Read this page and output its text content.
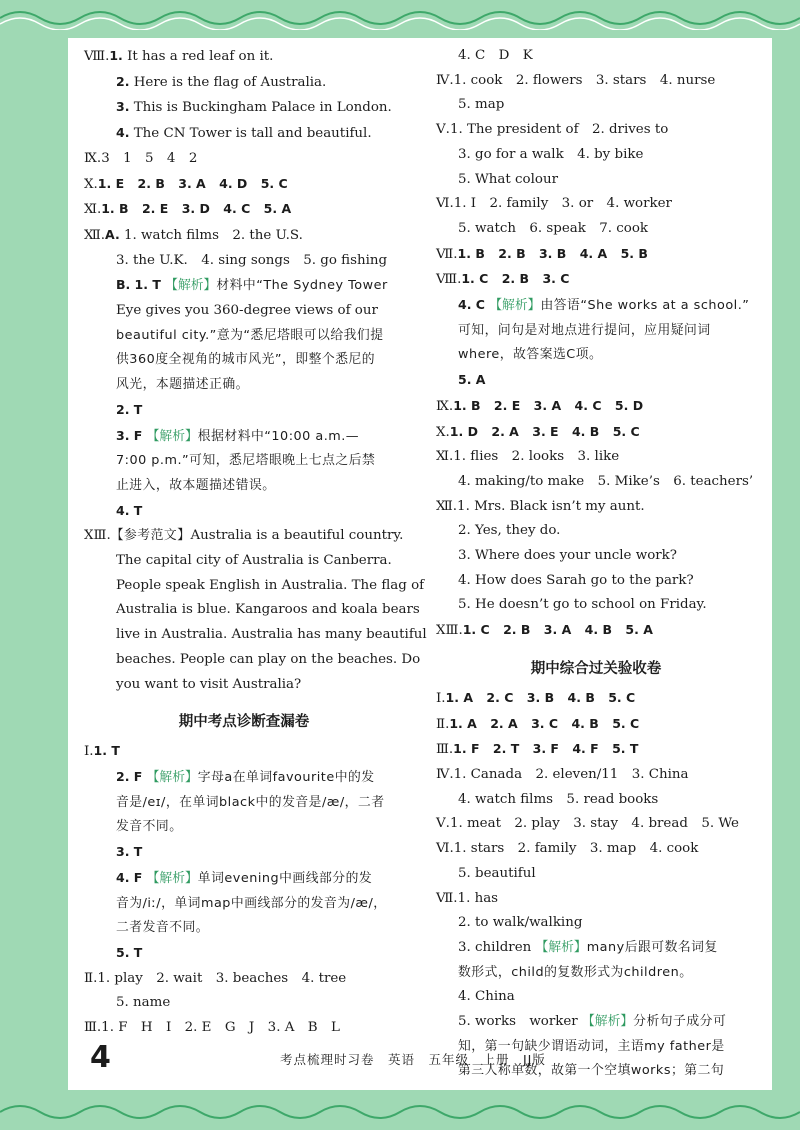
Ⅷ.1. It has a red leaf on it.
2. Here is the flag of Australia.
3. This is Buckingham Palace in London.
4. The CN Tower is tall and beautiful.
Ⅸ.3　1　5　4　2
Ⅹ.1. E　 2. B　 3. A　 4. D　 5. C
Ⅺ.1. B　 2. E　 3. D　 4. C　 5. A
Ⅻ.A. 1. watch films　 2. the U.S.
3. the U.K.　 4. sing songs　 5. go fishing
B. 1. T 【解析】材料中“The Sydney Tower
Eye gives you 360-degree views of our
beautiful city.”意为“悉尼塔眼可以给我们提
供360度全视角的城市风光”，即整个悉尼的
风光，本题描述正确。
2. T
3. F 【解析】根据材料中“10:00 a.m.—
7:00 p.m.”可知，悉尼塔眼晚上七点之后禁
止进入，故本题描述错误。
4. T
ⅩⅢ.【参考范文】Australia is a beautiful country.
The capital city of Australia is Canberra.
People speak English in Australia. The flag of
Australia is blue. Kangaroos and koala bears
live in Australia. Australia has many beautiful
beaches. People can play on the beaches. Do
you want to visit Australia?
期中考点诊断查漏卷
Ⅰ.1. T
2. F 【解析】字母a在单词favourite中的发
音是/eɪ/，在单词black中的发音是/æ/，二者
发音不同。
3. T
4. F 【解析】单词evening中画线部分的发
音为/iː/，单词map中画线部分的发音为/æ/，
二者发音不同。
5. T
Ⅱ.1. play　 2. wait　 3. beaches　 4. tree
5. name
Ⅲ.1. F　H　I　2. E　G　J　3. A　B　L
4. C　D　K
Ⅳ.1. cook　 2. flowers　 3. stars　 4. nurse
5. map
Ⅴ.1. The president of　 2. drives to
3. go for a walk　 4. by bike
5. What colour
Ⅵ.1. I　 2. family　 3. or　 4. worker
5. watch　 6. speak　 7. cook
Ⅶ.1. B　 2. B　 3. B　 4. A　 5. B
Ⅷ.1. C　 2. B　 3. C
4. C 【解析】由答语“She works at a school.”
可知，问句是对地点进行提问，应用疑问词
where，故答案选C项。
5. A
Ⅸ.1. B　 2. E　 3. A　 4. C　 5. D
Ⅹ.1. D　 2. A　 3. E　 4. B　 5. C
Ⅺ.1. flies　 2. looks　 3. like
4. making/to make　 5. Mike’s　 6. teachers’
Ⅻ.1. Mrs. Black isn’t my aunt.
2. Yes, they do.
3. Where does your uncle work?
4. How does Sarah go to the park?
5. He doesn’t go to school on Friday.
ⅩⅢ.1. C　 2. B　 3. A　 4. B　 5. A
期中综合过关验收卷
Ⅰ.1. A　 2. C　 3. B　 4. B　 5. C
Ⅱ.1. A　 2. A　 3. C　 4. B　 5. C
Ⅲ.1. F　 2. T　 3. F　 4. F　 5. T
Ⅳ.1. Canada　 2. eleven/11　 3. China
4. watch films　 5. read books
Ⅴ.1. meat　 2. play　 3. stay　 4. bread　 5. We
Ⅵ.1. stars　 2. family　 3. map　 4. cook
5. beautiful
Ⅶ.1. has
2. to walk/walking
3. children 【解析】many后跟可数名词复
数形式，child的复数形式为children。
4. China
5. works　worker 【解析】分析句子成分可
知，第一句缺少谓语动词，主语my father是
第三人称单数，故第一个空填works；第二句
4	考点梳理时习卷　英语　五年级　上册　JJ版
